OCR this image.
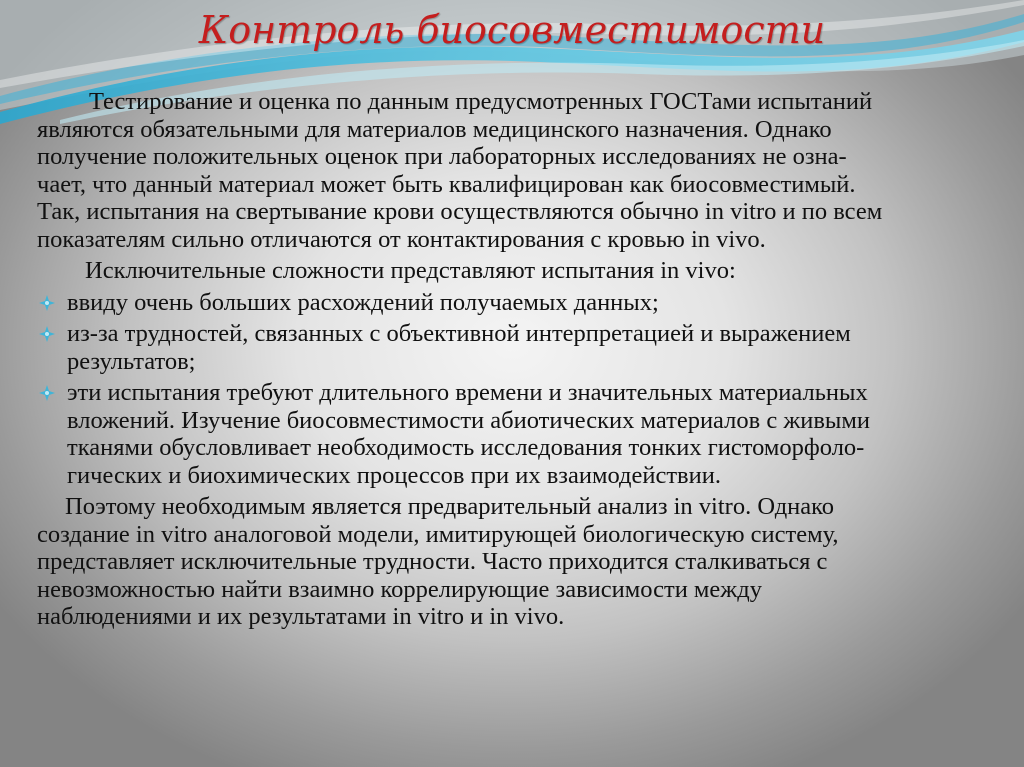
Контроль биосовместимости
Тестирование и оценка по данным предусмотренных ГОСТами испытаний
являются обязательными для материалов медицинского назначения. Однако
получение положительных оценок при лабораторных исследованиях не озна-
чает, что данный материал может быть квалифицирован как биосовместимый.
Так, испытания на свертывание крови осуществляются обычно in vitro и по всем
показателям сильно отличаются от контактирования с кровью in vivo.
Исключительные сложности представляют испытания in vivo:
ввиду очень больших расхождений получаемых данных;
из-за трудностей, связанных с объективной интерпретацией и выражением
результатов;
эти испытания требуют длительного времени и значительных материальных
вложений. Изучение биосовместимости абиотических материалов с живыми
тканями обусловливает необходимость исследования тонких гистоморфоло-
гических и биохимических процессов при их взаимодействии.
Поэтому необходимым является предварительный анализ in vitro. Однако
создание in vitro аналоговой модели, имитирующей биологическую систему,
представляет исключительные трудности. Часто приходится сталкиваться с
невозможностью найти взаимно коррелирующие зависимости между
наблюдениями и их результатами in vitro и in vivo.
